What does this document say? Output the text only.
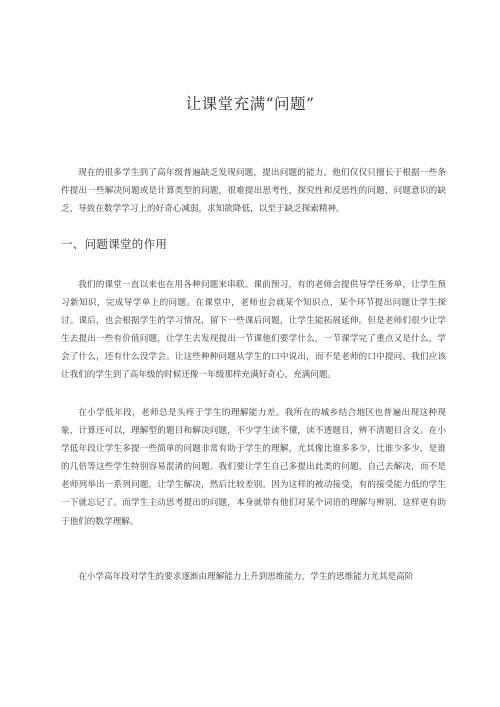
让课堂充满“问题”
现在的很多学生到了高年级普遍缺乏发现问题，提出问题的能力。他们仅仅只擅长于根据一些条件提出一些解决问题或是计算类型的问题，很难提出思考性，探究性和反思性的问题，问题意识的缺乏，导致在数学学习上的好奇心减弱，求知欲降低，以至于缺乏探索精神。
一、问题课堂的作用
我们的课堂一直以来也在用各种问题来串联。课前预习，有的老师会提供导学任务单，让学生预习新知识，完成导学单上的问题。在课堂中，老师也会就某个知识点，某个环节提出问题让学生探讨。课后，也会根据学生的学习情况，留下一些课后问题，让学生能拓展延伸。但是老师们很少让学生去提出一些有价值问题，让学生去发现提出一节课他们要学什么，一节课学完了重点又是什么，学会了什么，还有什么没学会。让这些种种问题从学生的口中说出，而不是老师的口中提问。我们应该让我们的学生到了高年级的时候还像一年级那样充满好奇心，充满问题。
在小学低年段，老师总是头疼于学生的理解能力差。我所在的城乡结合地区也普遍出现这种现象，计算还可以，理解型的题目和解决问题，不少学生读不懂，读不透题目，辨不清题目含义。在小学低年段让学生多提一些简单的问题非常有助于学生的理解，尤其像比谁多多少，比谁少多少，是谁的几倍等这些学生特别容易混淆的问题。我们要让学生自己多提出此类的问题，自己去解决，而不是老师列举出一系列问题，让学生解决，然后比较差别。因为这样的被动接受，有的接受能力低的学生一下就忘记了。而学生主动思考提出的问题，本身就带有他们对某个词语的理解与辨别，这样更有助于他们的数学理解。
在小学高年段对学生的要求逐渐由理解能力上升到思维能力，学生的思维能力尤其是高阶
